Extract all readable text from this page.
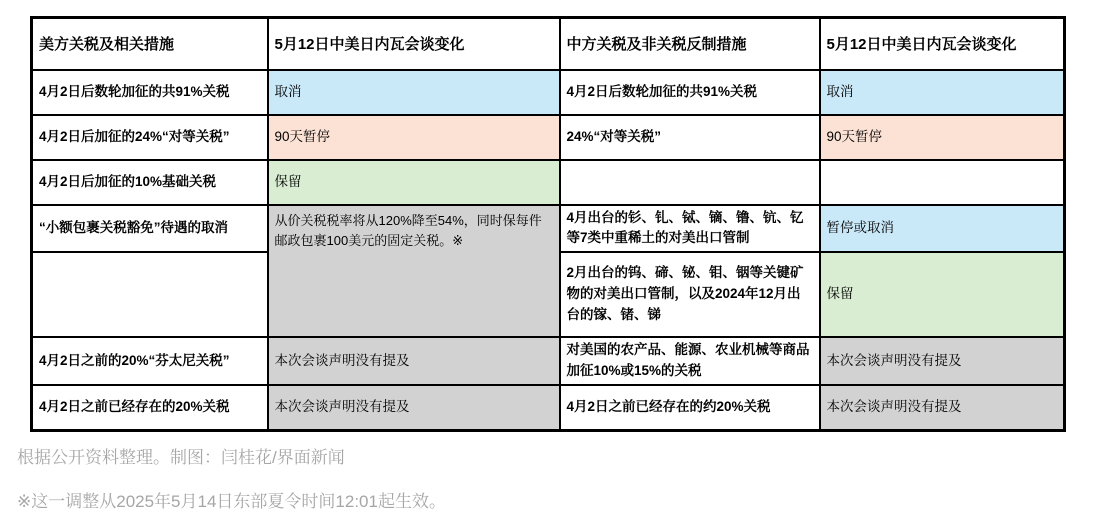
美方关税及相关措施	5月12日中美日内瓦会谈变化	中方关税及非关税反制措施	5月12日中美日内瓦会谈变化
4月2日后数轮加征的共91%关税	取消	4月2日后数轮加征的共91%关税	取消
4月2日后加征的24%“对等关税”	90天暂停	24%“对等关税”	90天暂停
4月2日后加征的10%基础关税	保留		
“小额包裹关税豁免”待遇的取消	从价关税税率将从120%降至54%，同时保每件邮政包裹100美元的固定关税。※	4月出台的钐、钆、铽、镝、镥、钪、钇等7类中重稀土的对美出口管制	暂停或取消
		2月出台的钨、碲、铋、钼、铟等关键矿物的对美出口管制，以及2024年12月出台的镓、锗、锑	保留
4月2日之前的20%“芬太尼关税”	本次会谈声明没有提及	对美国的农产品、能源、农业机械等商品加征10%或15%的关税	本次会谈声明没有提及
4月2日之前已经存在的20%关税	本次会谈声明没有提及	4月2日之前已经存在的约20%关税	本次会谈声明没有提及
根据公开资料整理。制图：闫桂花/界面新闻
※这一调整从2025年5月14日东部夏令时间12:01起生效。
